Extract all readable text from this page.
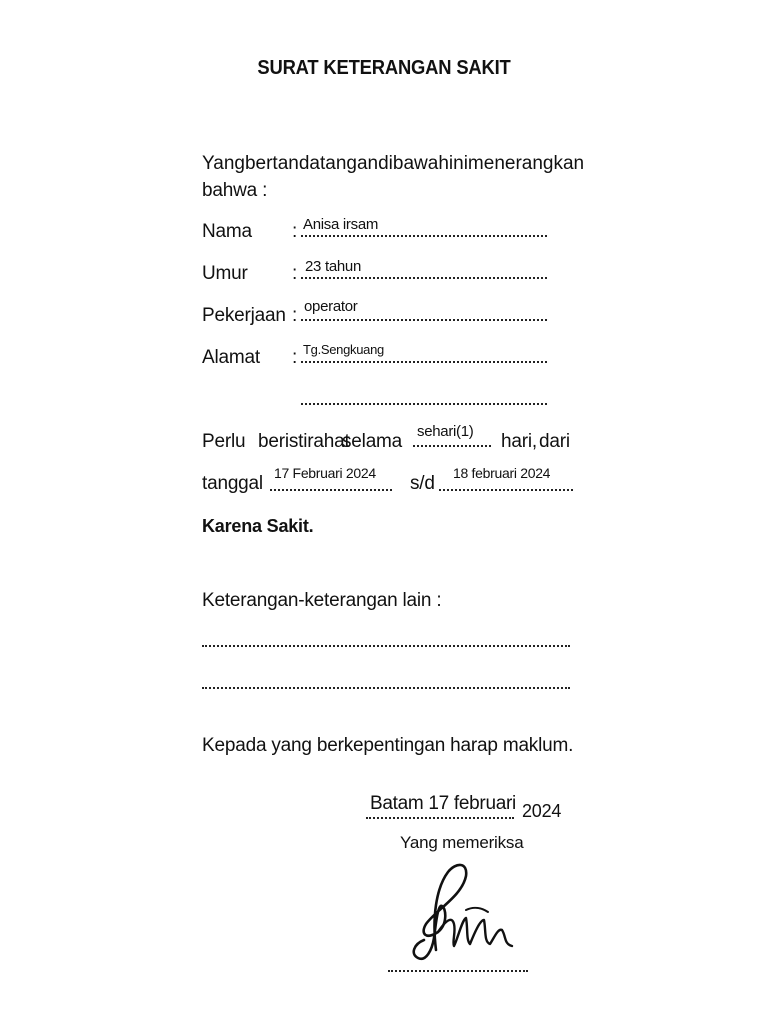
SURAT KETERANGAN SAKIT
Yang bertanda tangan di bawah ini menerangkan
bahwa :
Nama : Anisa irsam
Umur : 23 tahun
Pekerjaan : operator
Alamat : Tg.Sengkuang
Perlu beristirahat
selama sehari(1) hari, dari
tanggal 17 Februari 2024 s/d 18 februari 2024
Karena Sakit.
Keterangan-keterangan lain :
Kepada yang berkepentingan harap maklum.
Batam 17 februari 2024
Yang memeriksa
